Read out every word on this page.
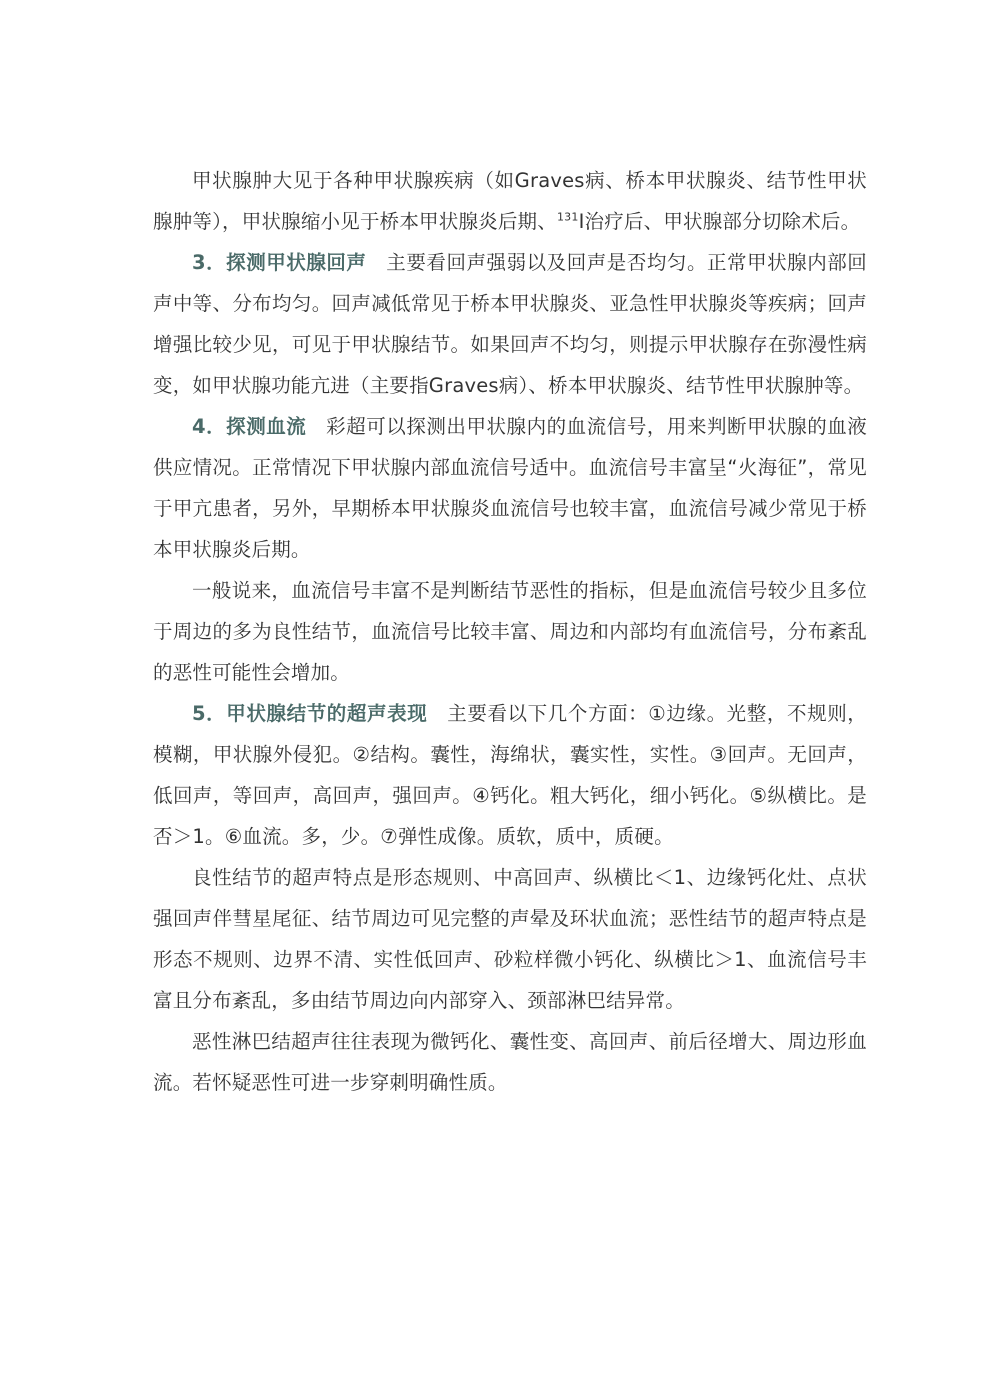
甲状腺肿大见于各种甲状腺疾病（如Graves病、桥本甲状腺炎、结节性甲状腺肿等），甲状腺缩小见于桥本甲状腺炎后期、$^{131}$I治疗后、甲状腺部分切除术后。

3．探测甲状腺回声 主要看回声强弱以及回声是否均匀。正常甲状腺内部回声中等、分布均匀。回声减低常见于桥本甲状腺炎、亚急性甲状腺炎等疾病；回声增强比较少见，可见于甲状腺结节。如果回声不均匀，则提示甲状腺存在弥漫性病变，如甲状腺功能亢进（主要指Graves病）、桥本甲状腺炎、结节性甲状腺肿等。

4．探测血流 彩超可以探测出甲状腺内的血流信号，用来判断甲状腺的血液供应情况。正常情况下甲状腺内部血流信号适中。血流信号丰富呈“火海征”，常见于甲亢患者，另外，早期桥本甲状腺炎血流信号也较丰富，血流信号减少常见于桥本甲状腺炎后期。

一般说来，血流信号丰富不是判断结节恶性的指标，但是血流信号较少且多位于周边的多为良性结节，血流信号比较丰富、周边和内部均有血流信号，分布紊乱的恶性可能性会增加。

5．甲状腺结节的超声表现 主要看以下几个方面：①边缘。光整，不规则，模糊，甲状腺外侵犯。②结构。囊性，海绵状，囊实性，实性。③回声。无回声，低回声，等回声，高回声，强回声。④钙化。粗大钙化，细小钙化。⑤纵横比。是否＞1。⑥血流。多，少。⑦弹性成像。质软，质中，质硬。

良性结节的超声特点是形态规则、中高回声、纵横比＜1、边缘钙化灶、点状强回声伴彗星尾征、结节周边可见完整的声晕及环状血流；恶性结节的超声特点是形态不规则、边界不清、实性低回声、砂粒样微小钙化、纵横比＞1、血流信号丰富且分布紊乱，多由结节周边向内部穿入、颈部淋巴结异常。

恶性淋巴结超声往往表现为微钙化、囊性变、高回声、前后径增大、周边形血流。若怀疑恶性可进一步穿刺明确性质。
